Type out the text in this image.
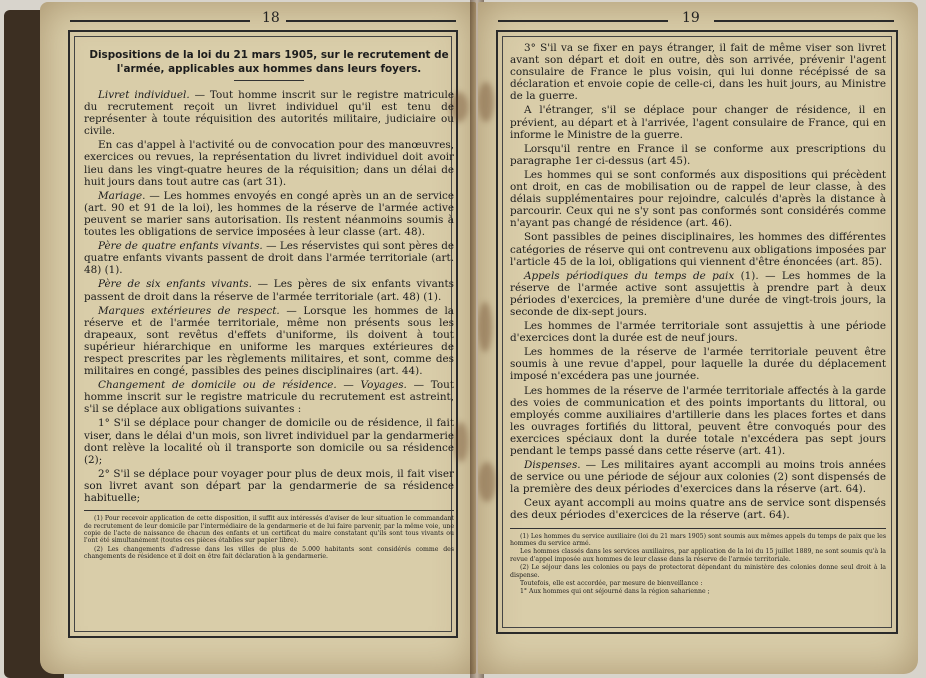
18
Dispositions de la loi du 21 mars 1905, sur le recrutement de l'armée, applicables aux hommes dans leurs foyers.

Livret individuel. — Tout homme inscrit sur le registre matricule du recrutement reçoit un livret individuel qu'il est tenu de représenter à toute réquisition des autorités militaire, judiciaire ou civile.

En cas d'appel à l'activité ou de convocation pour des manœuvres, exercices ou revues, la représentation du livret individuel doit avoir lieu dans les vingt-quatre heures de la réquisition; dans un délai de huit jours dans tout autre cas (art 31).

Mariage. — Les hommes envoyés en congé après un an de service (art. 90 et 91 de la loi), les hommes de la réserve de l'armée active peuvent se marier sans autorisation. Ils restent néanmoins soumis à toutes les obligations de service imposées à leur classe (art. 48).

Père de quatre enfants vivants. — Les réservistes qui sont pères de quatre enfants vivants passent de droit dans l'armée territoriale (art. 48) (1).

Père de six enfants vivants. — Les pères de six enfants vivants passent de droit dans la réserve de l'armée territoriale (art. 48) (1).

Marques extérieures de respect. — Lorsque les hommes de la réserve et de l'armée territoriale, même non présents sous les drapeaux, sont revêtus d'effets d'uniforme, ils doivent à tout supérieur hiérarchique en uniforme les marques extérieures de respect prescrites par les règlements militaires, et sont, comme des militaires en congé, passibles des peines disciplinaires (art. 44).

Changement de domicile ou de résidence. — Voyages. — Tout homme inscrit sur le registre matricule du recrutement est astreint, s'il se déplace aux obligations suivantes :

1° S'il se déplace pour changer de domicile ou de résidence, il fait viser, dans le délai d'un mois, son livret individuel par la gendarmerie dont relève la localité où il transporte son domicile ou sa résidence (2);

2° S'il se déplace pour voyager pour plus de deux mois, il fait viser son livret avant son départ par la gendarmerie de sa résidence habituelle;

(1) Pour recevoir application de cette disposition, il suffit aux intéressés d'aviser de leur situation le commandant de recrutement de leur domicile par l'intermédiaire de la gendarmerie et de lui faire parvenir, par la même voie, une copie de l'acte de naissance de chacun des enfants et un certificat du maire constatant qu'ils sont tous vivants ou l'ont été simultanément (toutes ces pièces établies sur papier libre).

(2) Les changements d'adresse dans les villes de plus de 5.000 habitants sont considérés comme des changements de résidence et il doit en être fait déclaration à la gendarmerie.

19

3° S'il va se fixer en pays étranger, il fait de même viser son livret avant son départ et doit en outre, dès son arrivée, prévenir l'agent consulaire de France le plus voisin, qui lui donne récépissé de sa déclaration et envoie copie de celle-ci, dans les huit jours, au Ministre de la guerre.

A l'étranger, s'il se déplace pour changer de résidence, il en prévient, au départ et à l'arrivée, l'agent consulaire de France, qui en informe le Ministre de la guerre.

Lorsqu'il rentre en France il se conforme aux prescriptions du paragraphe 1er ci-dessus (art 45).

Les hommes qui se sont conformés aux dispositions qui précèdent ont droit, en cas de mobilisation ou de rappel de leur classe, à des délais supplémentaires pour rejoindre, calculés d'après la distance à parcourir. Ceux qui ne s'y sont pas conformés sont considérés comme n'ayant pas changé de résidence (art. 46).

Sont passibles de peines disciplinaires, les hommes des différentes catégories de réserve qui ont contrevenu aux obligations imposées par l'article 45 de la loi, obligations qui viennent d'être énoncées (art. 85).

Appels périodiques du temps de paix (1). — Les hommes de la réserve de l'armée active sont assujettis à prendre part à deux périodes d'exercices, la première d'une durée de vingt-trois jours, la seconde de dix-sept jours.

Les hommes de l'armée territoriale sont assujettis à une période d'exercices dont la durée est de neuf jours.

Les hommes de la réserve de l'armée territoriale peuvent être soumis à une revue d'appel, pour laquelle la durée du déplacement imposé n'excédera pas une journée.

Les hommes de la réserve de l'armée territoriale affectés à la garde des voies de communication et des points importants du littoral, ou employés comme auxiliaires d'artillerie dans les places fortes et dans les ouvrages fortifiés du littoral, peuvent être convoqués pour des exercices spéciaux dont la durée totale n'excédera pas sept jours pendant le temps passé dans cette réserve (art. 41).

Dispenses. — Les militaires ayant accompli au moins trois années de service ou une période de séjour aux colonies (2) sont dispensés de la première des deux périodes d'exercices dans la réserve (art. 64).

Ceux ayant accompli au moins quatre ans de service sont dispensés des deux périodes d'exercices de la réserve (art. 64).

(1) Les hommes du service auxiliaire (loi du 21 mars 1905) sont soumis aux mêmes appels du temps de paix que les hommes du service armé.

Les hommes classés dans les services auxiliaires, par application de la loi du 15 juillet 1889, ne sont soumis qu'à la revue d'appel imposée aux hommes de leur classe dans la réserve de l'armée territoriale.

(2) Le séjour dans les colonies ou pays de protectorat dépendant du ministère des colonies donne seul droit à la dispense.

Toutefois, elle est accordée, par mesure de bienveillance :

1° Aux hommes qui ont séjourné dans la région saharienne ;
